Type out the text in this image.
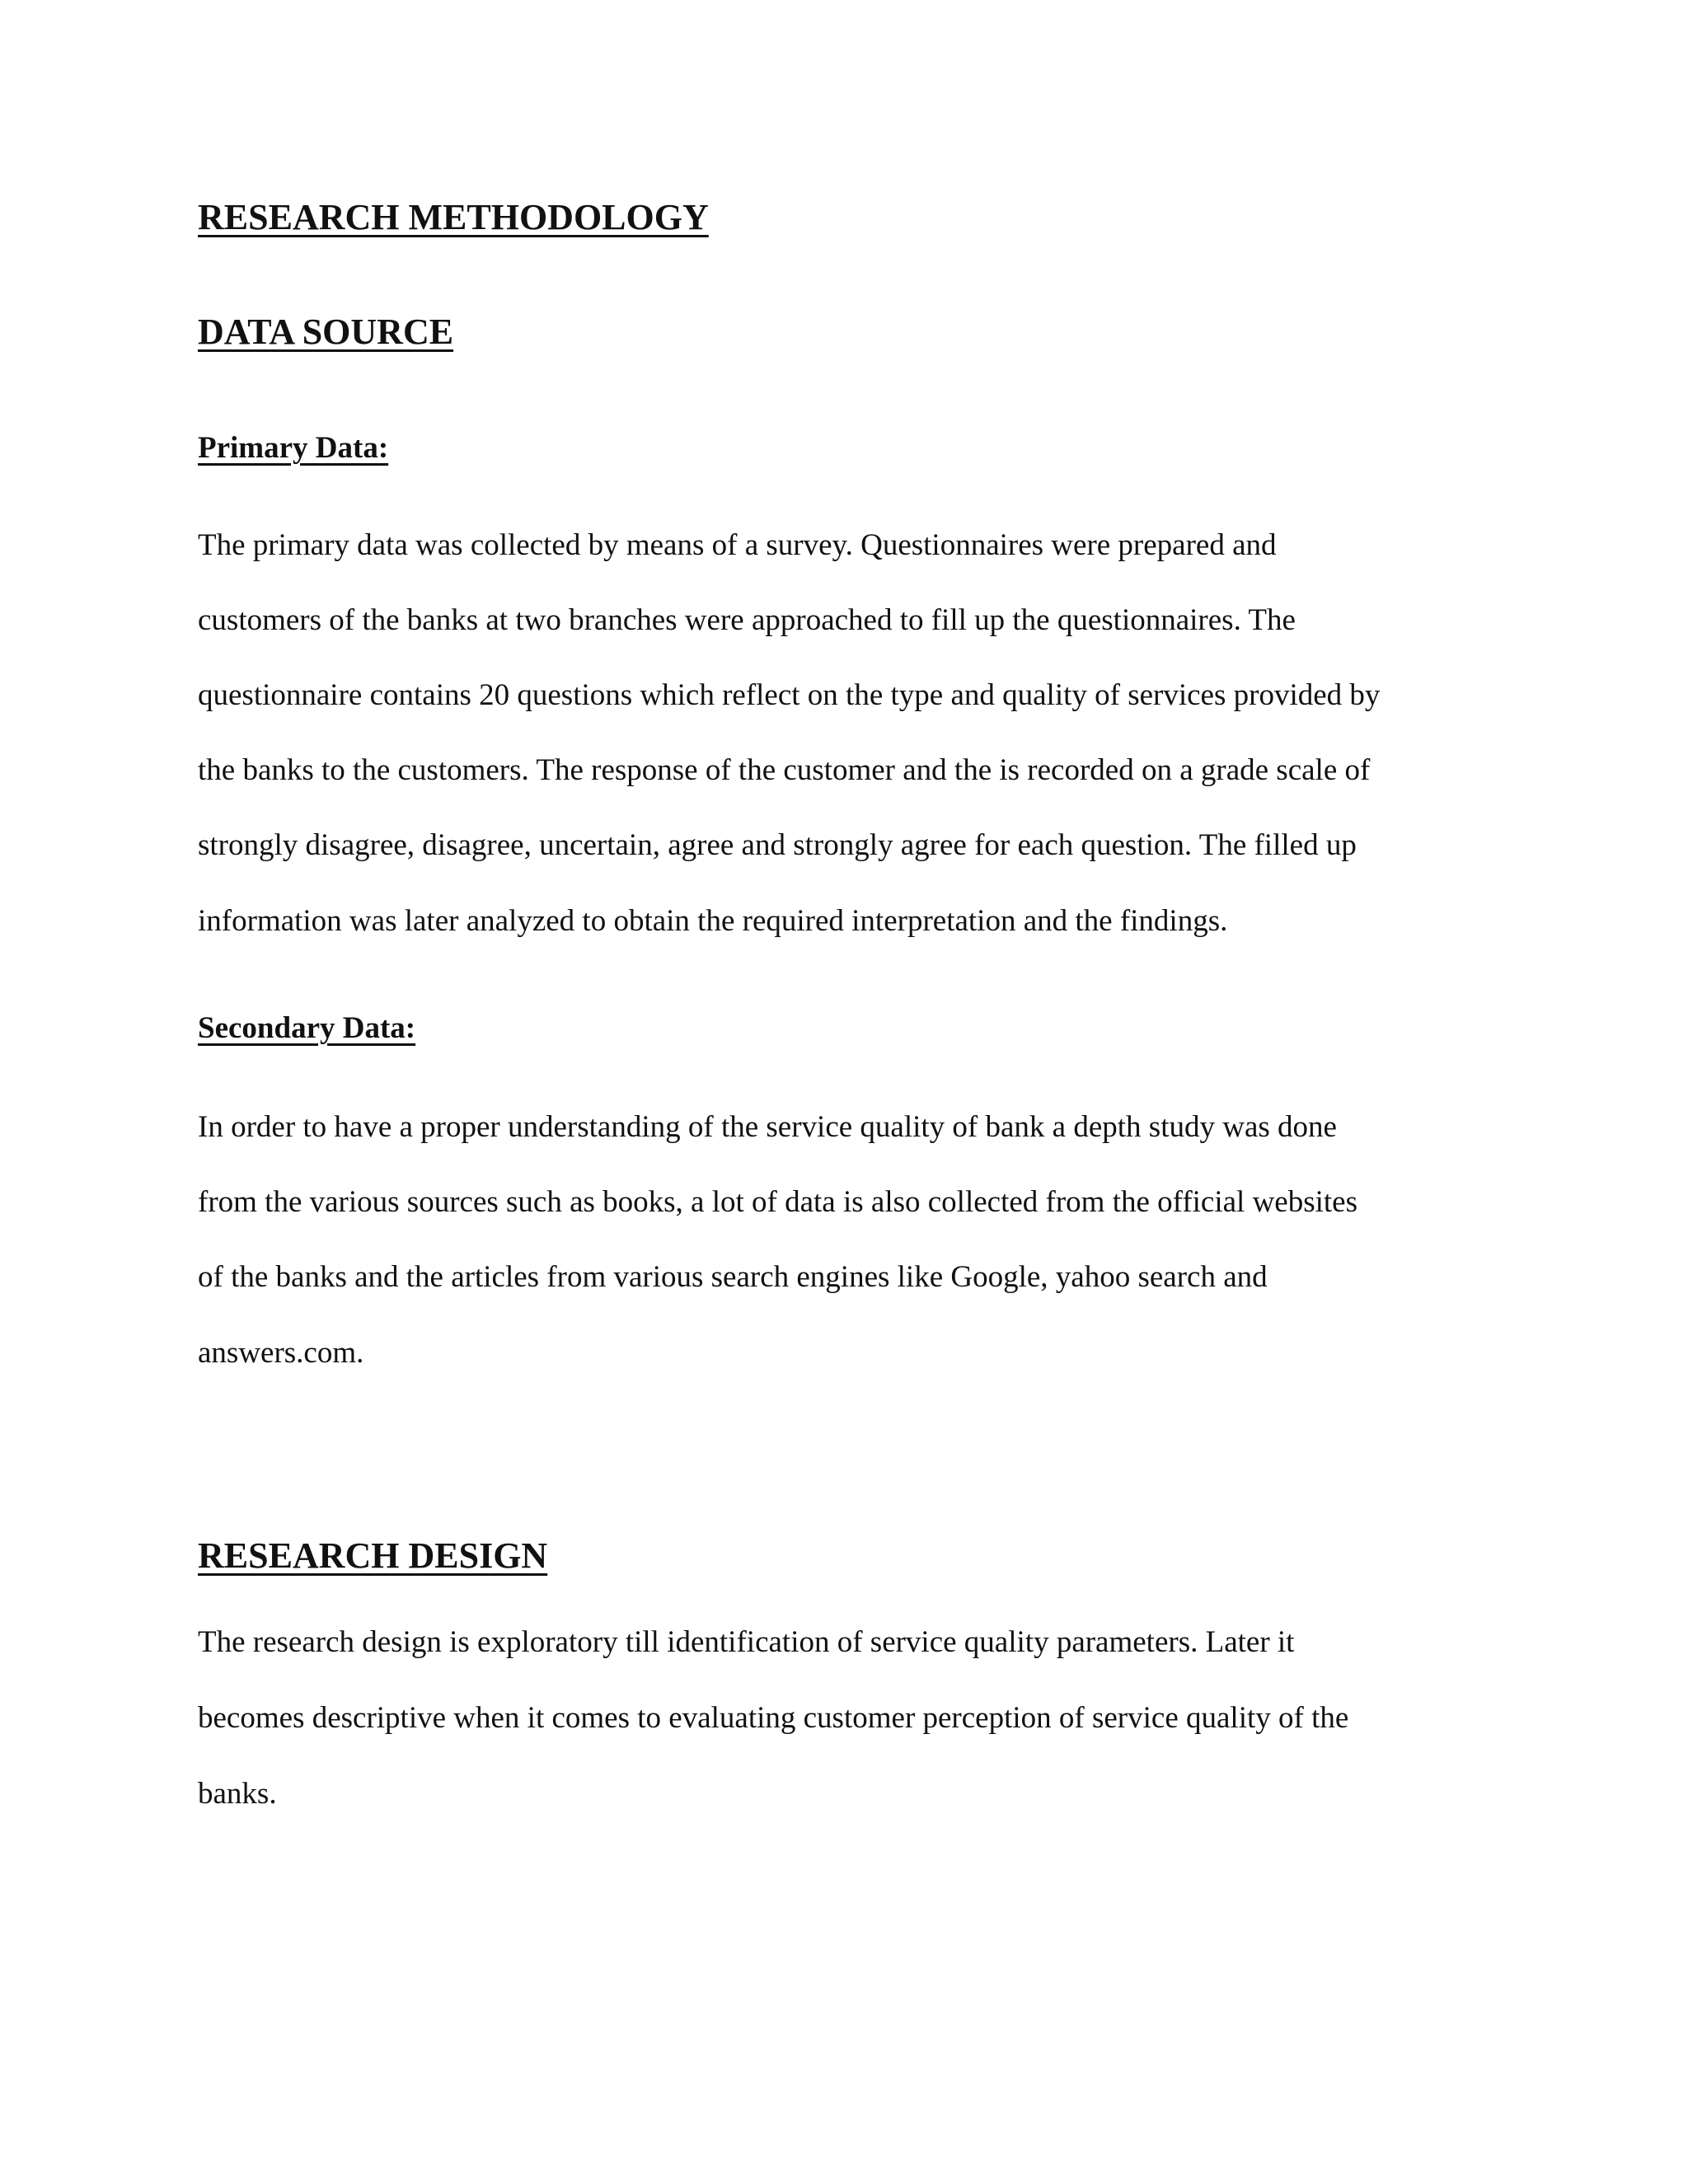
RESEARCH METHODOLOGY
DATA SOURCE
Primary Data:
The primary data was collected by means of a survey. Questionnaires were prepared and
customers of the banks at two branches were approached to fill up the questionnaires. The
questionnaire contains 20 questions which reflect on the type and quality of services provided by
the banks to the customers. The response of the customer and the is recorded on a grade scale of
strongly disagree, disagree, uncertain, agree and strongly agree for each question. The filled up
information was later analyzed to obtain the required interpretation and the findings.
Secondary Data:
In order to have a proper understanding of the service quality of bank a depth study was done
from the various sources such as books, a lot of data is also collected from the official websites
of the banks and the articles from various search engines like Google, yahoo search and
answers.com.
RESEARCH DESIGN
The research design is exploratory till identification of service quality parameters. Later it
becomes descriptive when it comes to evaluating customer perception of service quality of the
banks.
